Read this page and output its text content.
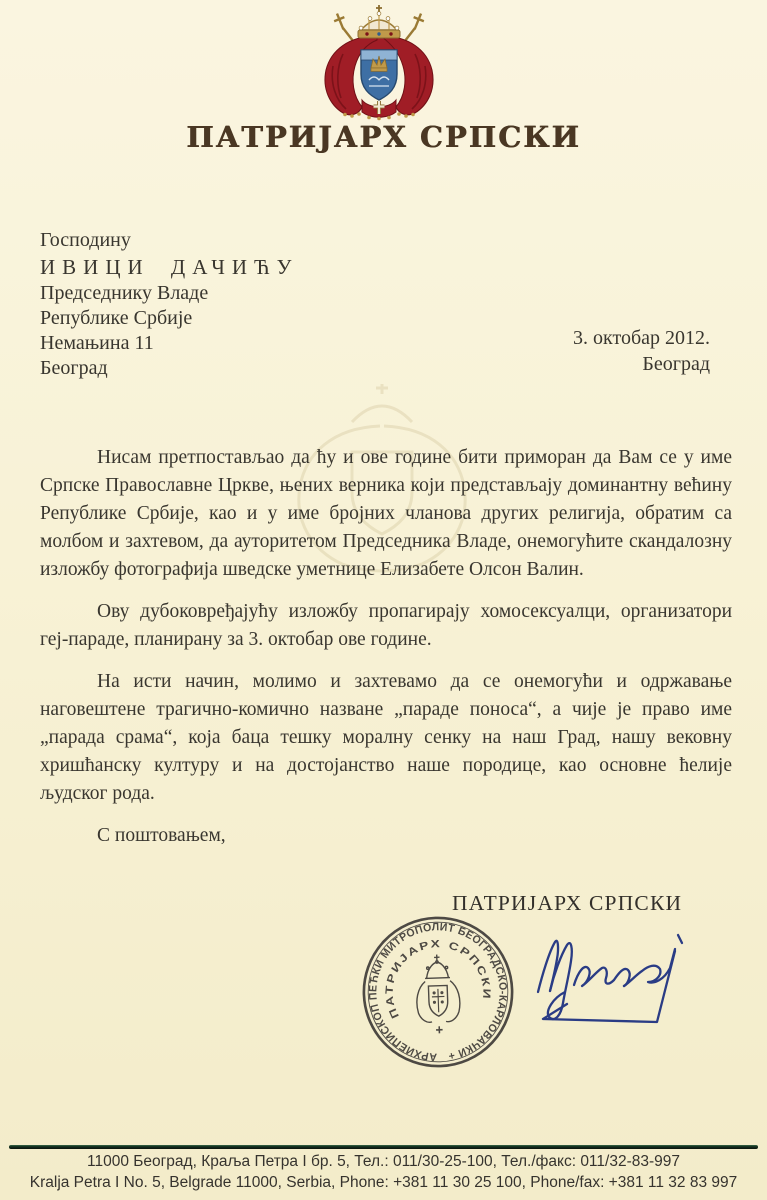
ПАТРИЈАРХ СРПСКИ
Господину
ИВИЦИ ДАЧИЋУ
Председнику Владе
Републике Србије
Немањина 11
Београд
3. октобар 2012.
Београд

Нисам претпостављао да ћу и ове године бити приморан да Вам се у име Српске Православне Цркве, њених верника који представљају доминантну већину Републике Србије, као и у име бројних чланова других религија, обратим са молбом и захтевом, да ауторитетом Председника Владе, онемогућите скандалозну изложбу фотографија шведске уметнице Елизабете Олсон Валин.

Ову дубоковређајућу изложбу пропагирају хомосексуалци, организатори геј-параде, планирану за 3. октобар ове године.

На исти начин, молимо и захтевамо да се онемогући и одржавање наговештене трагично-комично назване „параде поноса“, а чије је право име „парада срама“, која баца тешку моралну сенку на наш Град, нашу вековну хришћанску културу и на достојанство наше породице, као основне ћелије људског рода.

С поштовањем,

ПАТРИЈАРХ СРПСКИ
АРХИЕПИСКОП ПЕЋКИ МИТРОПОЛИТ БЕОГРАДСКО-КАРЛОВАЧКИ +
ПАТРИЈАРХ СРПСКИ
11000 Београд, Краља Петра I бр. 5, Тел.: 011/30-25-100, Тел./факс: 011/32-83-997
Kralja Petra I No. 5, Belgrade 11000, Serbia, Phone: +381 11 30 25 100, Phone/fax: +381 11 32 83 997
